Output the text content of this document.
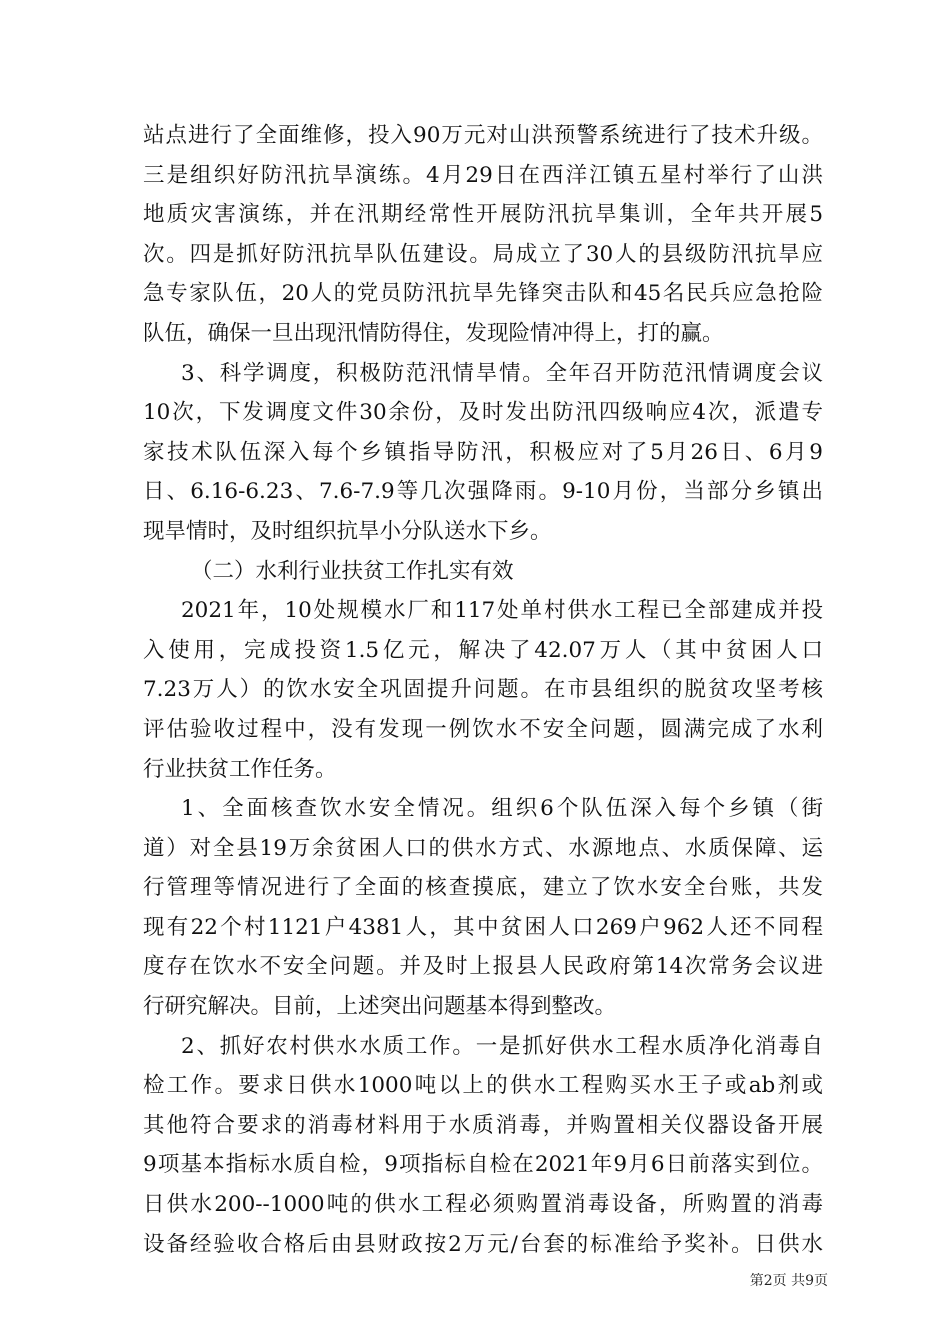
站点进行了全面维修，投入90万元对山洪预警系统进行了技术升级。
三是组织好防汛抗旱演练。4月29日在西洋江镇五星村举行了山洪
地质灾害演练，并在汛期经常性开展防汛抗旱集训，全年共开展5
次。四是抓好防汛抗旱队伍建设。局成立了30人的县级防汛抗旱应
急专家队伍，20人的党员防汛抗旱先锋突击队和45名民兵应急抢险
队伍，确保一旦出现汛情防得住，发现险情冲得上，打的赢。
3、科学调度，积极防范汛情旱情。全年召开防范汛情调度会议
10次，下发调度文件30余份，及时发出防汛四级响应4次，派遣专
家技术队伍深入每个乡镇指导防汛，积极应对了5月26日、6月9
日、6.16-6.23、7.6-7.9等几次强降雨。9-10月份，当部分乡镇出
现旱情时，及时组织抗旱小分队送水下乡。
（二）水利行业扶贫工作扎实有效
2021年，10处规模水厂和117处单村供水工程已全部建成并投
入使用，完成投资1.5亿元，解决了42.07万人（其中贫困人口
7.23万人）的饮水安全巩固提升问题。在市县组织的脱贫攻坚考核
评估验收过程中，没有发现一例饮水不安全问题，圆满完成了水利
行业扶贫工作任务。
1、全面核查饮水安全情况。组织6个队伍深入每个乡镇（街
道）对全县19万余贫困人口的供水方式、水源地点、水质保障、运
行管理等情况进行了全面的核查摸底，建立了饮水安全台账，共发
现有22个村1121户4381人，其中贫困人口269户962人还不同程
度存在饮水不安全问题。并及时上报县人民政府第14次常务会议进
行研究解决。目前，上述突出问题基本得到整改。
2、抓好农村供水水质工作。一是抓好供水工程水质净化消毒自
检工作。要求日供水1000吨以上的供水工程购买水王子或ab剂或
其他符合要求的消毒材料用于水质消毒，并购置相关仪器设备开展
9项基本指标水质自检，9项指标自检在2021年9月6日前落实到位。
日供水200--1000吨的供水工程必须购置消毒设备，所购置的消毒
设备经验收合格后由县财政按2万元/台套的标准给予奖补。日供水
第2页 共9页
